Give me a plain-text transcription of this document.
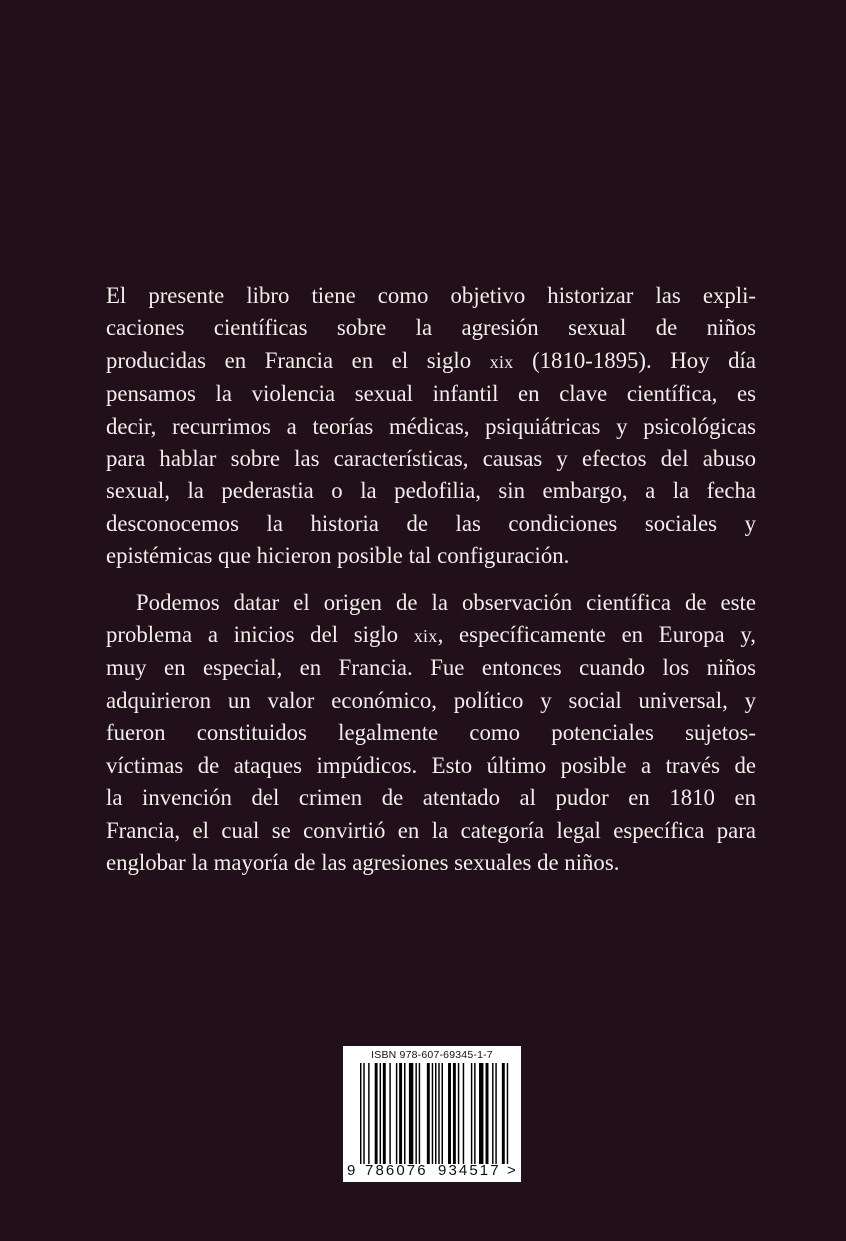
El presente libro tiene como objetivo historizar las expli-
caciones científicas sobre la agresión sexual de niños
producidas en Francia en el siglo xix (1810-1895). Hoy día
pensamos la violencia sexual infantil en clave científica, es
decir, recurrimos a teorías médicas, psiquiátricas y psicológicas
para hablar sobre las características, causas y efectos del abuso
sexual, la pederastia o la pedofilia, sin embargo, a la fecha
desconocemos la historia de las condiciones sociales y
epistémicas que hicieron posible tal configuración.
Podemos datar el origen de la observación científica de este
problema a inicios del siglo xix, específicamente en Europa y,
muy en especial, en Francia. Fue entonces cuando los niños
adquirieron un valor económico, político y social universal, y
fueron constituidos legalmente como potenciales sujetos-
víctimas de ataques impúdicos. Esto último posible a través de
la invención del crimen de atentado al pudor en 1810 en
Francia, el cual se convirtió en la categoría legal específica para
englobar la mayoría de las agresiones sexuales de niños.
ISBN 978-607-69345-1-7
9 786076 934517 >
